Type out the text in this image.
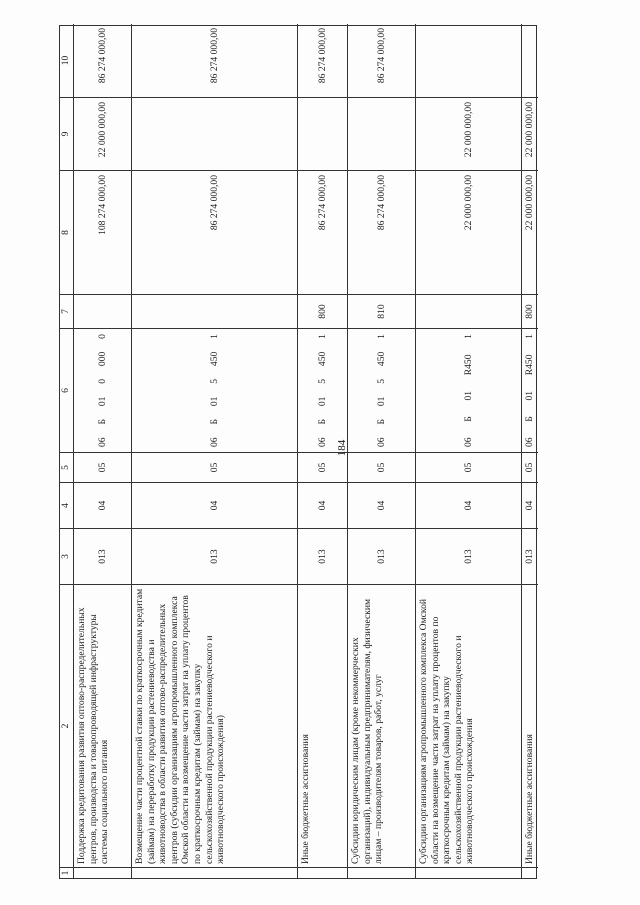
184
1
2
3
4
5
6
7
8
9
10
Поддержка кредитования развития оптово-распределительных центров, производства и товаропроводящей инфраструктуры системы социального питания
013
04
05
06
Б
01
0
000
0
108 274 000,00
22 000 000,00
86 274 000,00
Возмещение части процентной ставки по краткосрочным кредитам (займам) на переработку продукции растениеводства и животноводства в области развития оптово-распределительных центров (субсидии организациям агропромышленного комплекса Омской области на возмещение части затрат на уплату процентов по краткосрочным кредитам (займам) на закупку сельскохозяйственной продукции растениеводческого и животноводческого происхождения)
013
04
05
06
Б
01
5
450
1
86 274 000,00
86 274 000,00
Иные бюджетные ассигнования
013
04
05
06
Б
01
5
450
1
800
86 274 000,00
86 274 000,00
Субсидии юридическим лицам (кроме некоммерческих организаций), индивидуальным предпринимателям, физическим лицам – производителям товаров, работ, услуг
013
04
05
06
Б
01
5
450
1
810
86 274 000,00
86 274 000,00
Субсидии организациям агропромышленного комплекса Омской области на возмещение части затрат на уплату процентов по краткосрочным кредитам (займам) на закупку сельскохозяйственной продукции растениеводческого и животноводческого происхождения
013
04
05
06
Б
01
R450
1
22 000 000,00
22 000 000,00
Иные бюджетные ассигнования
013
04
05
06
Б
01
R450
1
800
22 000 000,00
22 000 000,00
